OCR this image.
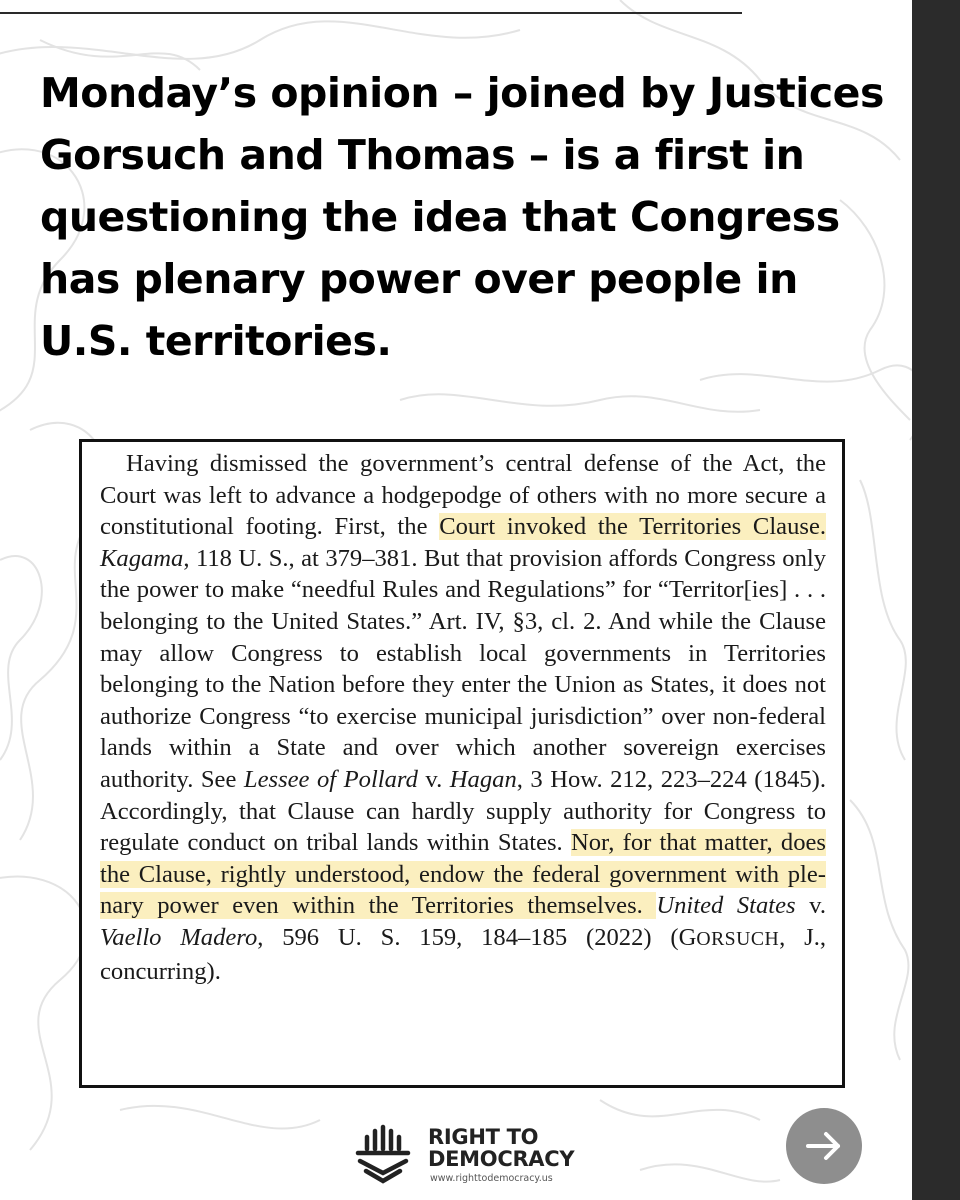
Monday’s opinion – joined by Justices Gorsuch and Thomas – is a first in questioning the idea that Congress has plenary power over people in U.S. territories.

Having dismissed the government’s central defense of the Act, the Court was left to advance a hodgepodge of others with no more secure a constitutional footing. First, the Court invoked the Territories Clause. Kagama, 118 U. S., at 379–381. But that provision affords Congress only the power to make “needful Rules and Regulations” for “Territor[ies] . . . belonging to the United States.” Art. IV, §3, cl. 2. And while the Clause may allow Congress to establish local governments in Territories belonging to the Nation before they enter the Union as States, it does not authorize Congress “to exercise municipal jurisdiction” over non-federal lands within a State and over which another sovereign exercises authority. See Lessee of Pollard v. Hagan, 3 How. 212, 223–224 (1845). Accordingly, that Clause can hardly supply authority for Congress to regulate conduct on tribal lands within States. Nor, for that matter, does the Clause, rightly understood, endow the federal government with plenary power even within the Territories themselves. United States v. Vaello Madero, 596 U. S. 159, 184–185 (2022) (GORSUCH, J., concurring).

RIGHT TO
DEMOCRACY
www.righttodemocracy.us
